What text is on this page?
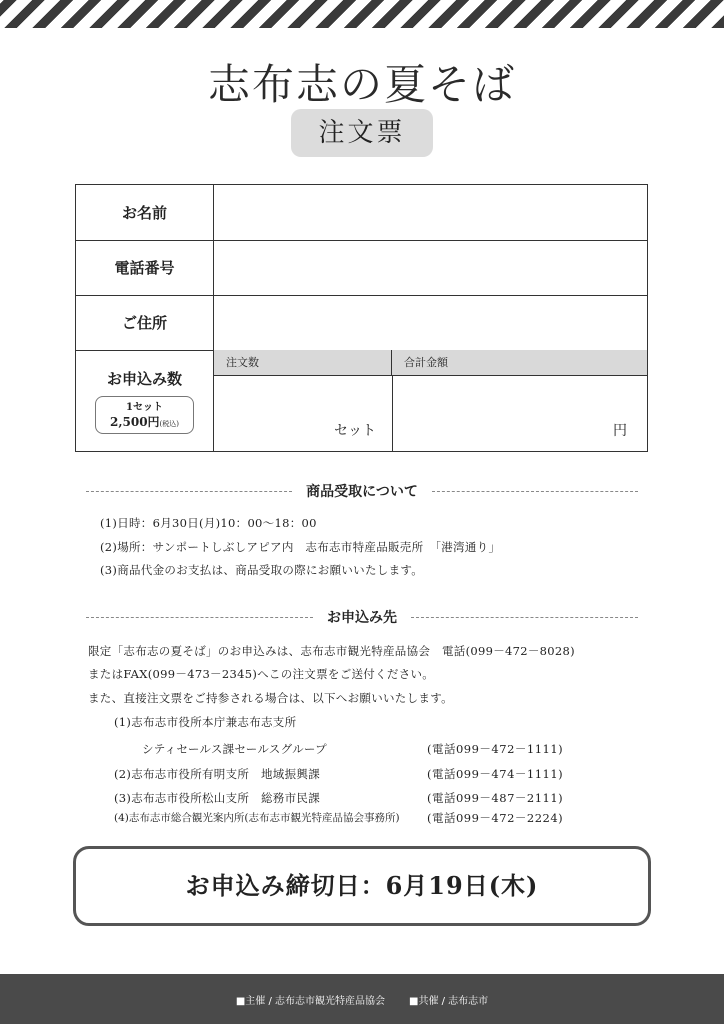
志布志の夏そば
注文票
お名前
電話番号
ご住所
お申込み数
1セット
2,500円(税込)
注文数	合計金額
セット	円
商品受取について
(1)日時：6月30日(月)10：00～18：00
(2)場所：サンポートしぶしアピア内　志布志市特産品販売所　「港湾通り」
(3)商品代金のお支払は、商品受取の際にお願いいたします。
お申込み先
限定「志布志の夏そば」のお申込みは、志布志市観光特産品協会　電話(099－472－8028)
またはFAX(099－473－2345)へこの注文票をご送付ください。
また、直接注文票をご持参される場合は、以下へお願いいたします。
(1)志布志市役所本庁兼志布志支所
シティセールス課セールスグループ	(電話099－472－1111)
(2)志布志市役所有明支所　地域振興課	(電話099－474－1111)
(3)志布志市役所松山支所　総務市民課	(電話099－487－2111)
(4)志布志市総合観光案内所(志布志市観光特産品協会事務所) (電話099－472－2224)
お申込み締切日：6月19日(木)
■主催 / 志布志市観光特産品協会 ■共催 / 志布志市
